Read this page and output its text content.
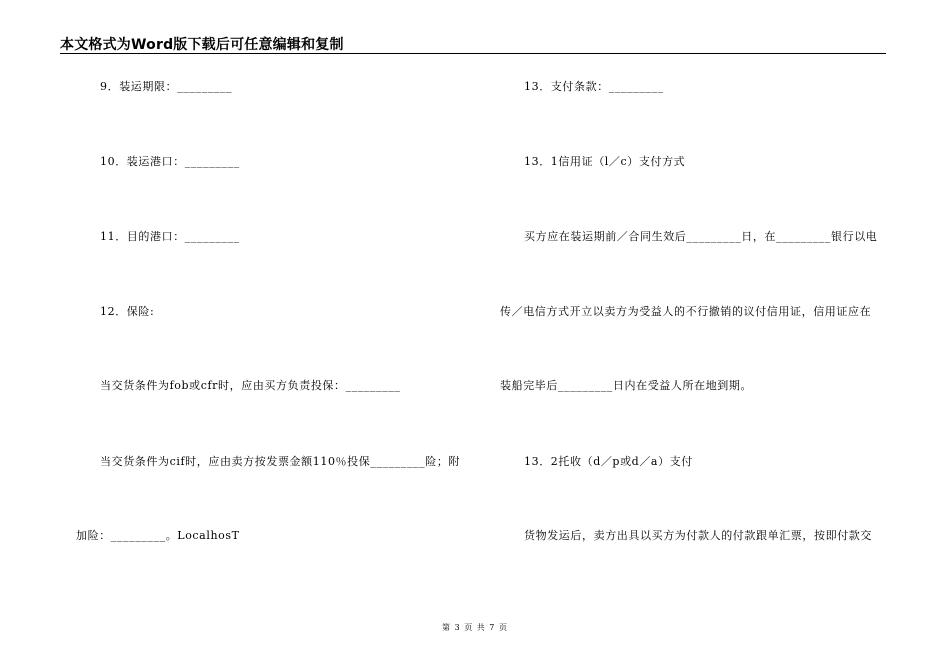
本文格式为Word版下载后可任意编辑和复制
9．装运期限：_________
10．装运港口：_________
11．目的港口：_________
12．保险:
当交货条件为fob或cfr时，应由买方负责投保：_________
当交货条件为cif时，应由卖方按发票金额110％投保_________险；附
加险：_________。LocalhosT
13．支付条款：_________
13．1信用证（l／c）支付方式
买方应在装运期前／合同生效后_________日，在_________银行以电
传／电信方式开立以卖方为受益人的不行撤销的议付信用证，信用证应在
装船完毕后_________日内在受益人所在地到期。
13．2托收（d／p或d／a）支付
货物发运后，卖方出具以买方为付款人的付款跟单汇票，按即付款交
第 3 页 共 7 页
